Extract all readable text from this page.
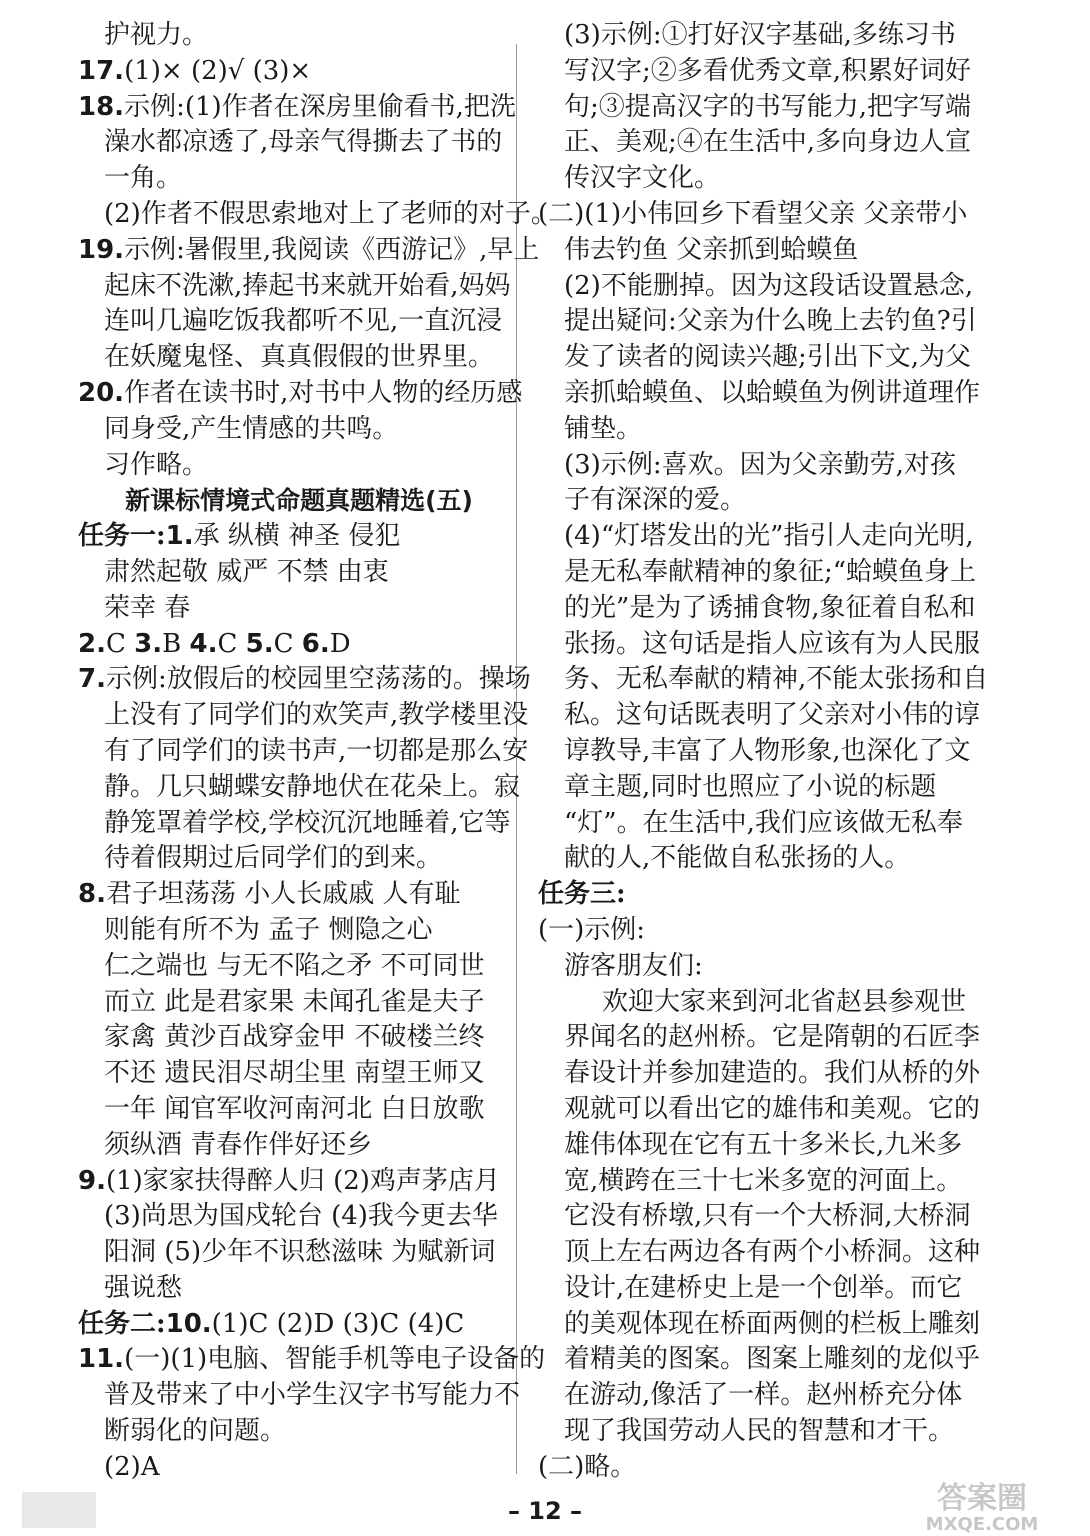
护视力。
17.(1)× (2)√ (3)×
18.示例:(1)作者在深房里偷看书,把洗
澡水都凉透了,母亲气得撕去了书的
一角。
(2)作者不假思索地对上了老师的对子。
19.示例:暑假里,我阅读《西游记》,早上
起床不洗漱,捧起书来就开始看,妈妈
连叫几遍吃饭我都听不见,一直沉浸
在妖魔鬼怪、真真假假的世界里。
20.作者在读书时,对书中人物的经历感
同身受,产生情感的共鸣。
习作略。
新课标情境式命题真题精选(五)
任务一:1.承 纵横 神圣 侵犯
肃然起敬 威严 不禁 由衷
荣幸 春
2.C 3.B 4.C 5.C 6.D
7.示例:放假后的校园里空荡荡的。操场
上没有了同学们的欢笑声,教学楼里没
有了同学们的读书声,一切都是那么安
静。几只蝴蝶安静地伏在花朵上。寂
静笼罩着学校,学校沉沉地睡着,它等
待着假期过后同学们的到来。
8.君子坦荡荡 小人长戚戚 人有耻
则能有所不为 孟子 恻隐之心
仁之端也 与无不陷之矛 不可同世
而立 此是君家果 未闻孔雀是夫子
家禽 黄沙百战穿金甲 不破楼兰终
不还 遗民泪尽胡尘里 南望王师又
一年 闻官军收河南河北 白日放歌
须纵酒 青春作伴好还乡
9.(1)家家扶得醉人归 (2)鸡声茅店月
(3)尚思为国戍轮台 (4)我今更去华
阳洞 (5)少年不识愁滋味 为赋新词
强说愁
任务二:10.(1)C (2)D (3)C (4)C
11.(一)(1)电脑、智能手机等电子设备的
普及带来了中小学生汉字书写能力不
断弱化的问题。
(2)A
(3)示例:①打好汉字基础,多练习书
写汉字;②多看优秀文章,积累好词好
句;③提高汉字的书写能力,把字写端
正、美观;④在生活中,多向身边人宣
传汉字文化。
(二)(1)小伟回乡下看望父亲 父亲带小
伟去钓鱼 父亲抓到蛤蟆鱼
(2)不能删掉。因为这段话设置悬念,
提出疑问:父亲为什么晚上去钓鱼?引
发了读者的阅读兴趣;引出下文,为父
亲抓蛤蟆鱼、以蛤蟆鱼为例讲道理作
铺垫。
(3)示例:喜欢。因为父亲勤劳,对孩
子有深深的爱。
(4)“灯塔发出的光”指引人走向光明,
是无私奉献精神的象征;“蛤蟆鱼身上
的光”是为了诱捕食物,象征着自私和
张扬。这句话是指人应该有为人民服
务、无私奉献的精神,不能太张扬和自
私。这句话既表明了父亲对小伟的谆
谆教导,丰富了人物形象,也深化了文
章主题,同时也照应了小说的标题
“灯”。在生活中,我们应该做无私奉
献的人,不能做自私张扬的人。
任务三:
(一)示例:
游客朋友们:
欢迎大家来到河北省赵县参观世
界闻名的赵州桥。它是隋朝的石匠李
春设计并参加建造的。我们从桥的外
观就可以看出它的雄伟和美观。它的
雄伟体现在它有五十多米长,九米多
宽,横跨在三十七米多宽的河面上。
它没有桥墩,只有一个大桥洞,大桥洞
顶上左右两边各有两个小桥洞。这种
设计,在建桥史上是一个创举。而它
的美观体现在桥面两侧的栏板上雕刻
着精美的图案。图案上雕刻的龙似乎
在游动,像活了一样。赵州桥充分体
现了我国劳动人民的智慧和才干。
(二)略。
– 12 –	答案圈
MXQE.COM
